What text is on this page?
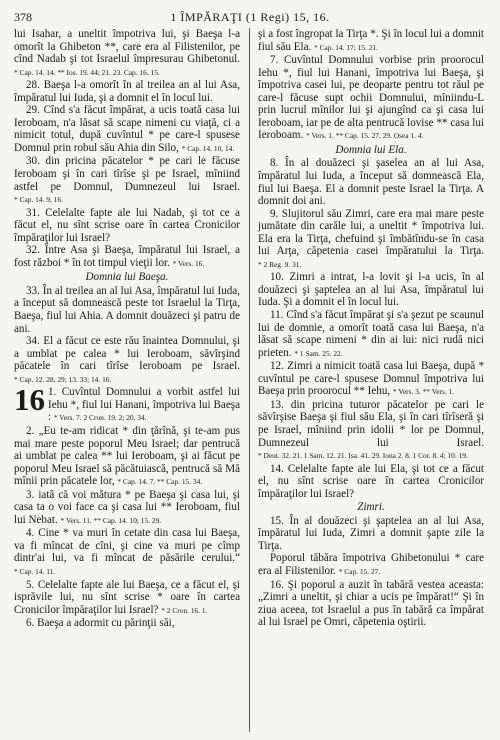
378	1 ÎMPĂRAŢI (1 Regi) 15, 16.

lui Isahar, a uneltit împotriva lui, şi Baeşa l-a omorît la Ghibeton **, care era al Filistenilor, pe cînd Nadab şi tot Israelul împresurau Ghibetonul. * Cap. 14. 14. ** Ios. 19. 44; 21. 23. Cap. 16. 15.

28. Baeşa l-a omorît în al treilea an al lui Asa, împăratul lui Iuda, şi a domnit el în locul lui.

29. Cînd s'a făcut împărat, a ucis toată casa lui Ieroboam, n'a lăsat să scape nimeni cu viaţă, ci a nimicit totul, după cuvîntul * pe care-l spusese Domnul prin robul său Ahia din Silo, * Cap. 14. 10, 14.

30. din pricina păcatelor * pe cari le făcuse Ieroboam şi în cari tîrîse şi pe Israel, mîniind astfel pe Domnul, Dumnezeul lui Israel. * Cap. 14. 9, 16.

31. Celelalte fapte ale lui Nadab, şi tot ce a făcut el, nu sînt scrise oare în cartea Cronicilor împăraţilor lui Israel?

32. Între Asa şi Baeşa, împăratul lui Israel, a fost război * în tot timpul vieţii lor. * Vers. 16.

Domnia lui Baeşa.

33. În al treilea an al lui Asa, împăratul lui Iuda, a început să domnească peste tot Israelul la Tirţa, Baeşa, fiul lui Ahia. A domnit douăzeci şi patru de ani.

34. El a făcut ce este rău înaintea Domnului, şi a umblat pe calea * lui Ieroboam, săvîrşind păcatele în cari tîrîse Ieroboam pe Israel. * Cap. 12. 28, 29; 13. 33; 14. 16.

16 1. Cuvîntul Domnului a vorbit astfel lui Iehu *, fiul lui Hanani, împotriva lui Baeşa : * Vers. 7. 2 Cron. 19. 2; 20. 34.

2. „Eu te-am ridicat * din ţărînă, şi te-am pus mai mare peste poporul Meu Israel; dar pentrucă ai umblat pe calea ** lui Ieroboam, şi ai făcut pe poporul Meu Israel să păcătuiască, pentrucă să Mă mînii prin păcatele lor, * Cap. 14. 7. ** Cap. 15. 34.

3. iată că voi mătura * pe Baeşa şi casa lui, şi casa ta o voi face ca şi casa lui ** Ieroboam, fiul lui Nebat. * Vers. 11. ** Cap. 14. 10; 15. 29.

4. Cine * va muri în cetate din casa lui Baeşa, va fi mîncat de cîni, şi cine va muri pe cîmp dintr'ai lui, va fi mîncat de păsările cerului.“ * Cap. 14. 11.

5. Celelalte fapte ale lui Baeşa, ce a făcut el, şi isprăvile lui, nu sînt scrise * oare în cartea Cronicilor împăraţilor lui Israel? * 2 Cron. 16. 1.

6. Baeşa a adormit cu părinţii săi,

şi a fost îngropat la Tirţa *. Şi în locul lui a domnit fiul său Ela. * Cap. 14. 17; 15. 21.

7. Cuvîntul Domnului vorbise prin proorocul Iehu *, fiul lui Hanani, împotriva lui Baeşa, şi împotriva casei lui, pe deoparte pentru tot răul pe care-l făcuse supt ochii Domnului, mîniindu-L prin lucrul mînilor lui şi ajungînd ca şi casa lui Ieroboam, iar pe de alta pentrucă lovise ** casa lui Ieroboam. * Vers. 1. ** Cap. 15. 27, 29. Osea 1. 4.

Domnia lui Ela.

8. În al douăzeci şi şaselea an al lui Asa, împăratul lui Iuda, a început să domnească Ela, fiul lui Baeşa. El a domnit peste Israel la Tirţa. A domnit doi ani.

9. Slujitorul său Zimri, care era mai mare peste jumătate din carăle lui, a uneltit * împotriva lui. Ela era la Tirţa, chefuind şi îmbătîndu-se în casa lui Arţa, căpetenia casei împăratului la Tirţa. * 2 Reg. 9. 31.

10. Zimri a intrat, l-a lovit şi l-a ucis, în al douăzeci şi şaptelea an al lui Asa, împăratul lui Iuda. Şi a domnit el în locul lui.

11. Cînd s'a făcut împărat şi s'a şezut pe scaunul lui de domnie, a omorît toată casa lui Baeşa, n'a lăsat să scape nimeni * din ai lui: nici rudă nici prieten. * 1 Sam. 25. 22.

12. Zimri a nimicit toată casa lui Baeşa, după * cuvîntul pe care-l spusese Domnul împotriva lui Baeşa prin proorocul ** Iehu, * Vers. 3. ** Vers. 1.

13. din pricina tuturor păcatelor pe cari le săvîrşise Baeşa şi fiul său Ela, şi în cari tîrîseră şi pe Israel, mîniind prin idolii * lor pe Domnul, Dumnezeul lui Israel. * Deut. 32. 21. 1 Sam. 12. 21. Isa. 41. 29. Iona 2. 8. 1 Cor. 8. 4; 10. 19.

14. Celelalte fapte ale lui Ela, şi tot ce a făcut el, nu sînt scrise oare în cartea Cronicilor împăraţilor lui Israel?

Zimri.

15. În al douăzeci şi şaptelea an al lui Asa, împăratul lui Iuda, Zimri a domnit şapte zile la Tirţa.

Poporul tăbăra împotriva Ghibetonului * care era al Filistenilor. * Cap. 15. 27.

16. Şi poporul a auzit în tabără vestea aceasta: „Zimri a uneltit, şi chiar a ucis pe împărat!“ Şi în ziua aceea, tot Israelul a pus în tabără ca împărat al lui Israel pe Omri, căpetenia oştirii.
